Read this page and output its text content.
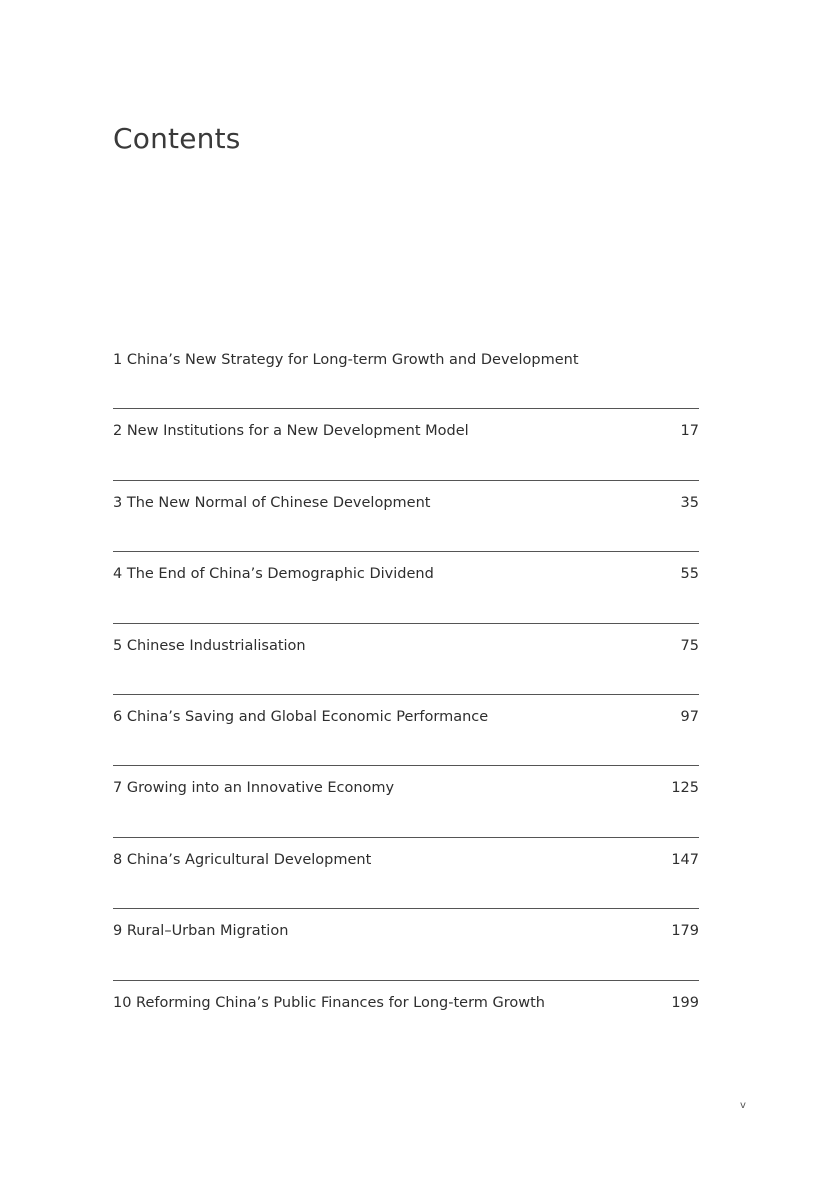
Contents
1 China’s New Strategy for Long-term Growth and Development
2 New Institutions for a New Development Model	17
3 The New Normal of Chinese Development	35
4 The End of China’s Demographic Dividend	55
5 Chinese Industrialisation	75
6 China’s Saving and Global Economic Performance	97
7 Growing into an Innovative Economy	125
8 China’s Agricultural Development	147
9 Rural–Urban Migration	179
10 Reforming China’s Public Finances for Long-term Growth	199
v
